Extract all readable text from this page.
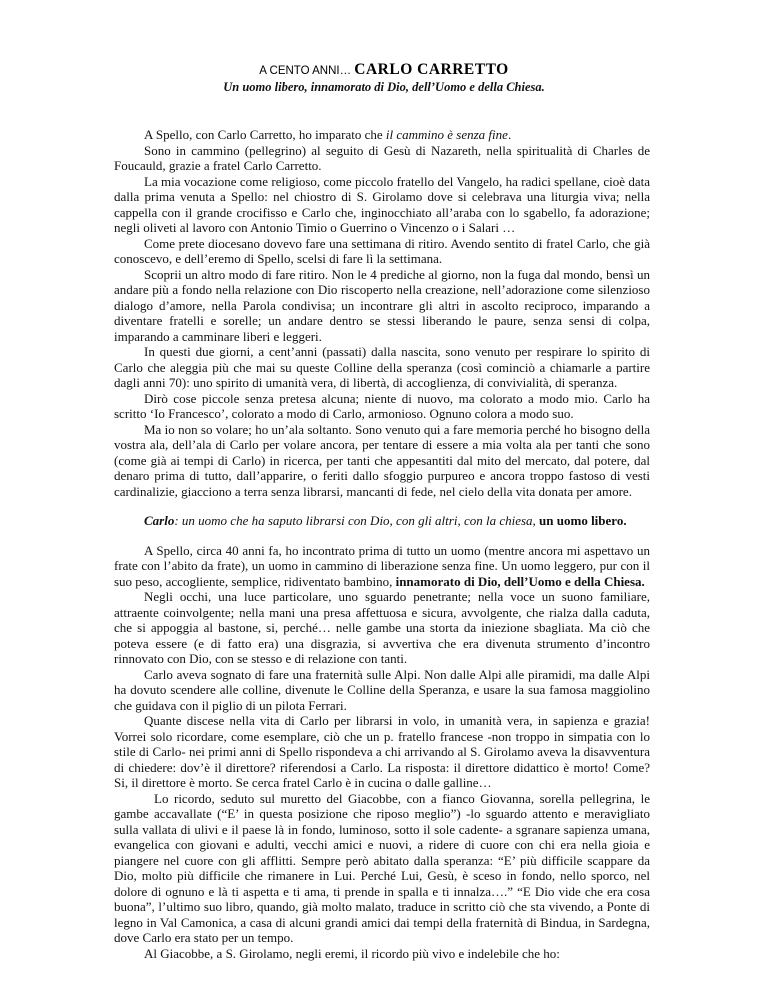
A CENTO ANNI… CARLO CARRETTO
Un uomo libero, innamorato di Dio, dell’Uomo e della Chiesa.

A Spello, con Carlo Carretto, ho imparato che il cammino è senza fine.

Sono in cammino (pellegrino) al seguito di Gesù di Nazareth, nella spiritualità di Charles de Foucauld, grazie a fratel Carlo Carretto.

La mia vocazione come religioso, come piccolo fratello del Vangelo, ha radici spellane, cioè data dalla prima venuta a Spello: nel chiostro di S. Girolamo dove si celebrava una liturgia viva; nella cappella con il grande crocifisso e Carlo che, inginocchiato all’araba con lo sgabello, fa adorazione; negli oliveti al lavoro con Antonio Timio o Guerrino o Vincenzo o i Salari …

Come prete diocesano dovevo fare una settimana di ritiro. Avendo sentito di fratel Carlo, che già conoscevo, e dell’eremo di Spello, scelsi di fare lì la settimana.

Scoprii un altro modo di fare ritiro. Non le 4 prediche al giorno, non la fuga dal mondo, bensì un andare più a fondo nella relazione con Dio riscoperto nella creazione, nell’adorazione come silenzioso dialogo d’amore, nella Parola condivisa; un incontrare gli altri in ascolto reciproco, imparando a diventare fratelli e sorelle; un andare dentro se stessi liberando le paure, senza sensi di colpa, imparando a camminare liberi e leggeri.

In questi due giorni, a cent’anni (passati) dalla nascita, sono venuto per respirare lo spirito di Carlo che aleggia più che mai su queste Colline della speranza (così cominciò a chiamarle a partire dagli anni 70): uno spirito di umanità vera, di libertà, di accoglienza, di convivialità, di speranza.

Dirò cose piccole senza pretesa alcuna; niente di nuovo, ma colorato a modo mio. Carlo ha scritto ‘Io Francesco’, colorato a modo di Carlo, armonioso. Ognuno colora a modo suo.

Ma io non so volare; ho un’ala soltanto. Sono venuto qui a fare memoria perché ho bisogno della vostra ala, dell’ala di Carlo per volare ancora, per tentare di essere a mia volta ala per tanti che sono (come già ai tempi di Carlo) in ricerca, per tanti che appesantiti dal mito del mercato, dal potere, dal denaro prima di tutto, dall’apparire, o feriti dallo sfoggio purpureo e ancora troppo fastoso di vesti cardinalizie, giacciono a terra senza librarsi, mancanti di fede, nel cielo della vita donata per amore.

Carlo: un uomo che ha saputo librarsi con Dio, con gli altri, con la chiesa, un uomo libero.

A Spello, circa 40 anni fa, ho incontrato prima di tutto un uomo (mentre ancora mi aspettavo un frate con l’abito da frate), un uomo in cammino di liberazione senza fine. Un uomo leggero, pur con il suo peso, accogliente, semplice, ridiventato bambino, innamorato di Dio, dell’Uomo e della Chiesa.

Negli occhi, una luce particolare, uno sguardo penetrante; nella voce un suono familiare, attraente coinvolgente; nella mani una presa affettuosa e sicura, avvolgente, che rialza dalla caduta, che si appoggia al bastone, si, perché… nelle gambe una storta da iniezione sbagliata. Ma ciò che poteva essere (e di fatto era) una disgrazia, si avvertiva che era divenuta strumento d’incontro rinnovato con Dio, con se stesso e di relazione con tanti.

Carlo aveva sognato di fare una fraternità sulle Alpi. Non dalle Alpi alle piramidi, ma dalle Alpi ha dovuto scendere alle colline, divenute le Colline della Speranza, e usare la sua famosa maggiolino che guidava con il piglio di un pilota Ferrari.

Quante discese nella vita di Carlo per librarsi in volo, in umanità vera, in sapienza e grazia! Vorrei solo ricordare, come esemplare, ciò che un p. fratello francese -non troppo in simpatia con lo stile di Carlo- nei primi anni di Spello rispondeva a chi arrivando al S. Girolamo aveva la disavventura di chiedere: dov’è il direttore? riferendosi a Carlo. La risposta: il direttore didattico è morto! Come? Si, il direttore è morto. Se cerca fratel Carlo è in cucina o dalle galline…

Lo ricordo, seduto sul muretto del Giacobbe, con a fianco Giovanna, sorella pellegrina, le gambe accavallate (“E’ in questa posizione che riposo meglio”) -lo sguardo attento e meravigliato sulla vallata di ulivi e il paese là in fondo, luminoso, sotto il sole cadente- a sgranare sapienza umana, evangelica con giovani e adulti, vecchi amici e nuovi, a ridere di cuore con chi era nella gioia e piangere nel cuore con gli afflitti. Sempre però abitato dalla speranza: “E’ più difficile scappare da Dio, molto più difficile che rimanere in Lui. Perché Lui, Gesù, è sceso in fondo, nello sporco, nel dolore di ognuno e là ti aspetta e ti ama, ti prende in spalla e ti innalza….” “E Dio vide che era cosa buona”, l’ultimo suo libro, quando, già molto malato, traduce in scritto ciò che sta vivendo, a Ponte di legno in Val Camonica, a casa di alcuni grandi amici dai tempi della fraternità di Bindua, in Sardegna, dove Carlo era stato per un tempo.

Al Giacobbe, a S. Girolamo, negli eremi, il ricordo più vivo e indelebile che ho:
